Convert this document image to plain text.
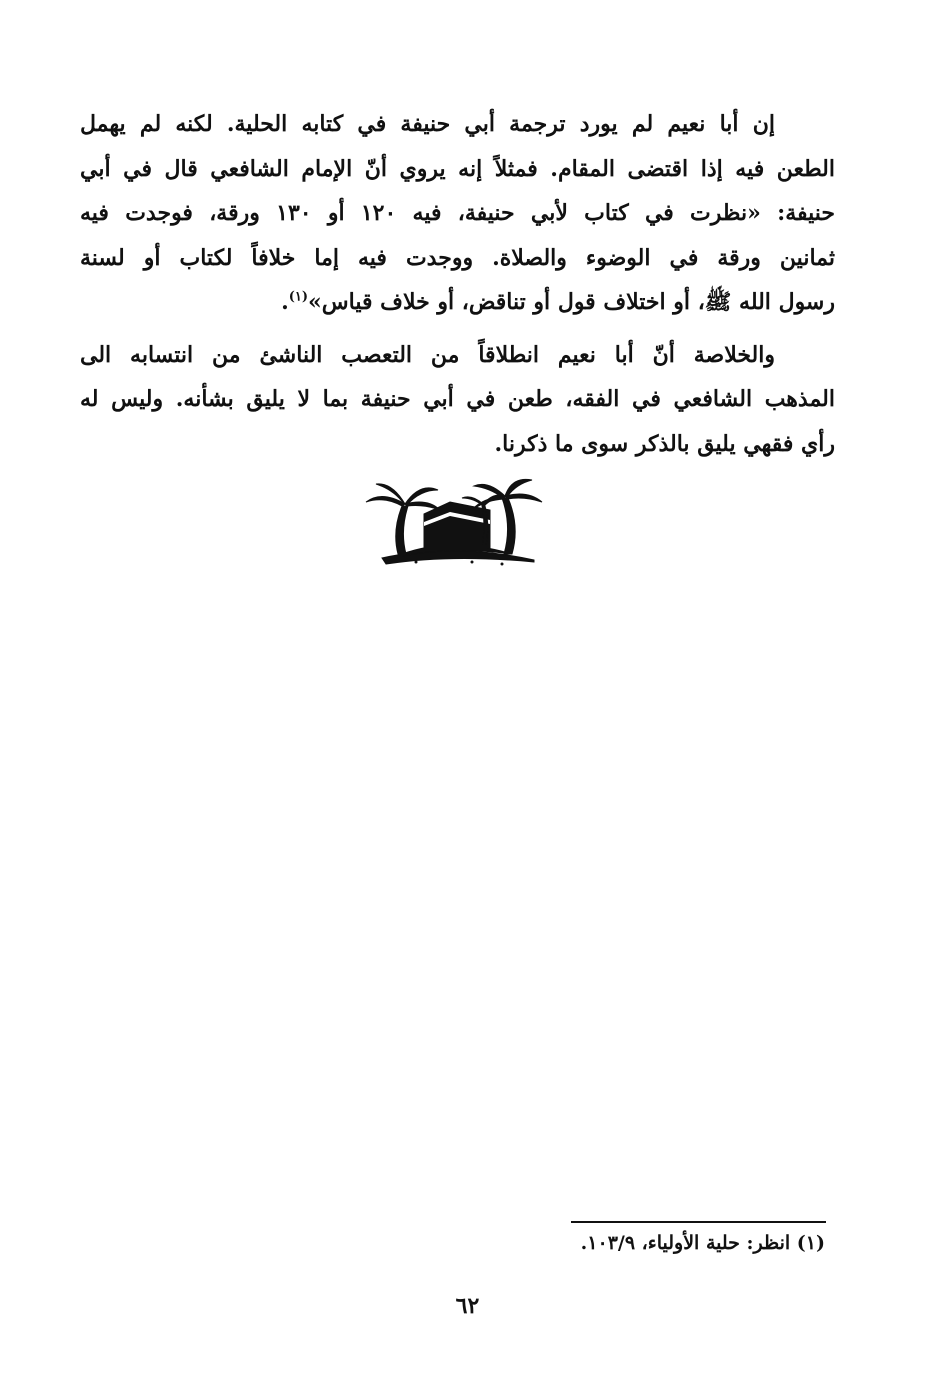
إن أبا نعيم لم يورد ترجمة أبي حنيفة في كتابه الحلية. لكنه لم يهمل
الطعن فيه إذا اقتضى المقام. فمثلاً إنه يروي أنّ الإمام الشافعي قال في أبي
حنيفة: «نظرت في كتاب لأبي حنيفة، فيه ١٢٠ أو ١٣٠ ورقة، فوجدت فيه
ثمانين ورقة في الوضوء والصلاة. ووجدت فيه إما خلافاً لكتاب أو لسنة
رسول الله ﷺ، أو اختلاف قول أو تناقض، أو خلاف قياس»$^{(١)}$.
والخلاصة أنّ أبا نعيم انطلاقاً من التعصب الناشئ من انتسابه الى
المذهب الشافعي في الفقه، طعن في أبي حنيفة بما لا يليق بشأنه. وليس له
رأي فقهي يليق بالذكر سوى ما ذكرنا.
(١) انظر: حلية الأولياء، ١٠٣/٩.
٦٢
